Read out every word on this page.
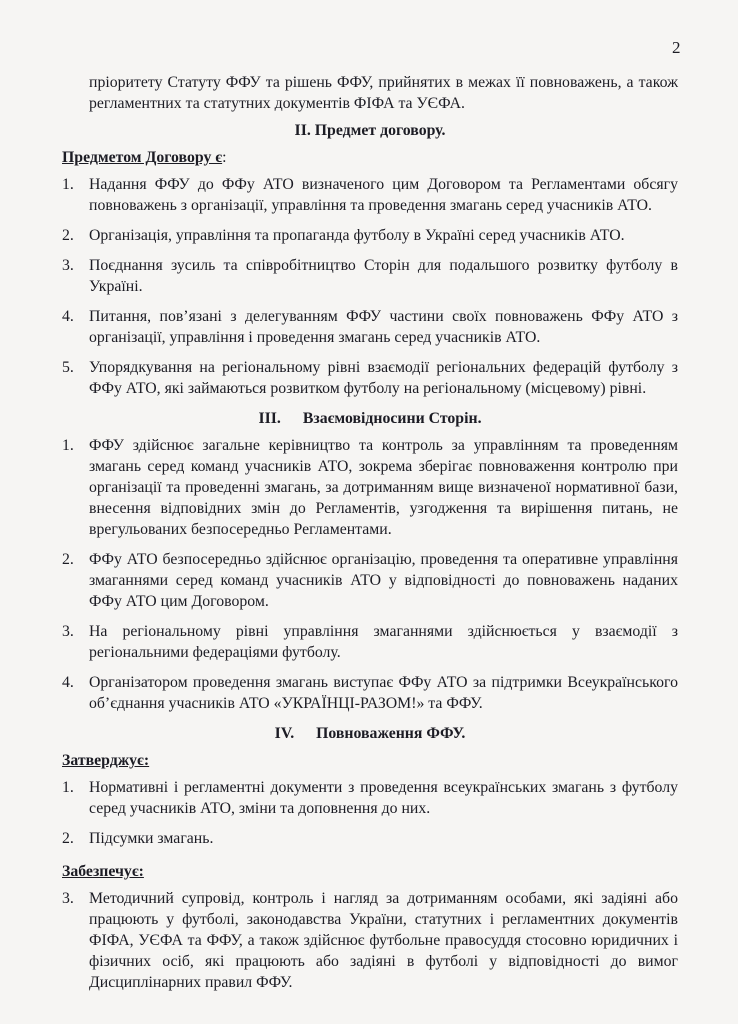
2

пріоритету Статуту ФФУ та рішень ФФУ, прийнятих в межах її повноважень, а також регламентних та статутних документів ФІФА та УЄФА.

II. Предмет договору.
Предметом Договору є:
1. Надання ФФУ до ФФу АТО визначеного цим Договором та Регламентами обсягу повноважень з організації, управління та проведення змагань серед учасників АТО.
2. Організація, управління та пропаганда футболу в Україні серед учасників АТО.
3. Поєднання зусиль та співробітництво Сторін для подальшого розвитку футболу в Україні.
4. Питання, пов’язані з делегуванням ФФУ частини своїх повноважень ФФу АТО з організації, управління і проведення змагань серед учасників АТО.
5. Упорядкування на регіональному рівні взаємодії регіональних федерацій футболу з ФФу АТО, які займаються розвитком футболу на регіональному (місцевому) рівні.
III. Взаємовідносини Сторін.
1. ФФУ здійснює загальне керівництво та контроль за управлінням та проведенням змагань серед команд учасників АТО, зокрема зберігає повноваження контролю при організації та проведенні змагань, за дотриманням вище визначеної нормативної бази, внесення відповідних змін до Регламентів, узгодження та вирішення питань, не врегульованих безпосередньо Регламентами.
2. ФФу АТО безпосередньо здійснює організацію, проведення та оперативне управління змаганнями серед команд учасників АТО у відповідності до повноважень наданих ФФу АТО цим Договором.
3. На регіональному рівні управління змаганнями здійснюється у взаємодії з регіональними федераціями футболу.
4. Організатором проведення змагань виступає ФФу АТО за підтримки Всеукраїнського об’єднання учасників АТО «УКРАЇНЦІ-РАЗОМ!» та ФФУ.
IV. Повноваження ФФУ.
Затверджує:
1. Нормативні і регламентні документи з проведення всеукраїнських змагань з футболу серед учасників АТО, зміни та доповнення до них.
2. Підсумки змагань.
Забезпечує:
3. Методичний супровід, контроль і нагляд за дотриманням особами, які задіяні або працюють у футболі, законодавства України, статутних і регламентних документів ФІФА, УЄФА та ФФУ, а також здійснює футбольне правосуддя стосовно юридичних і фізичних осіб, які працюють або задіяні в футболі у відповідності до вимог Дисциплінарних правил ФФУ.
